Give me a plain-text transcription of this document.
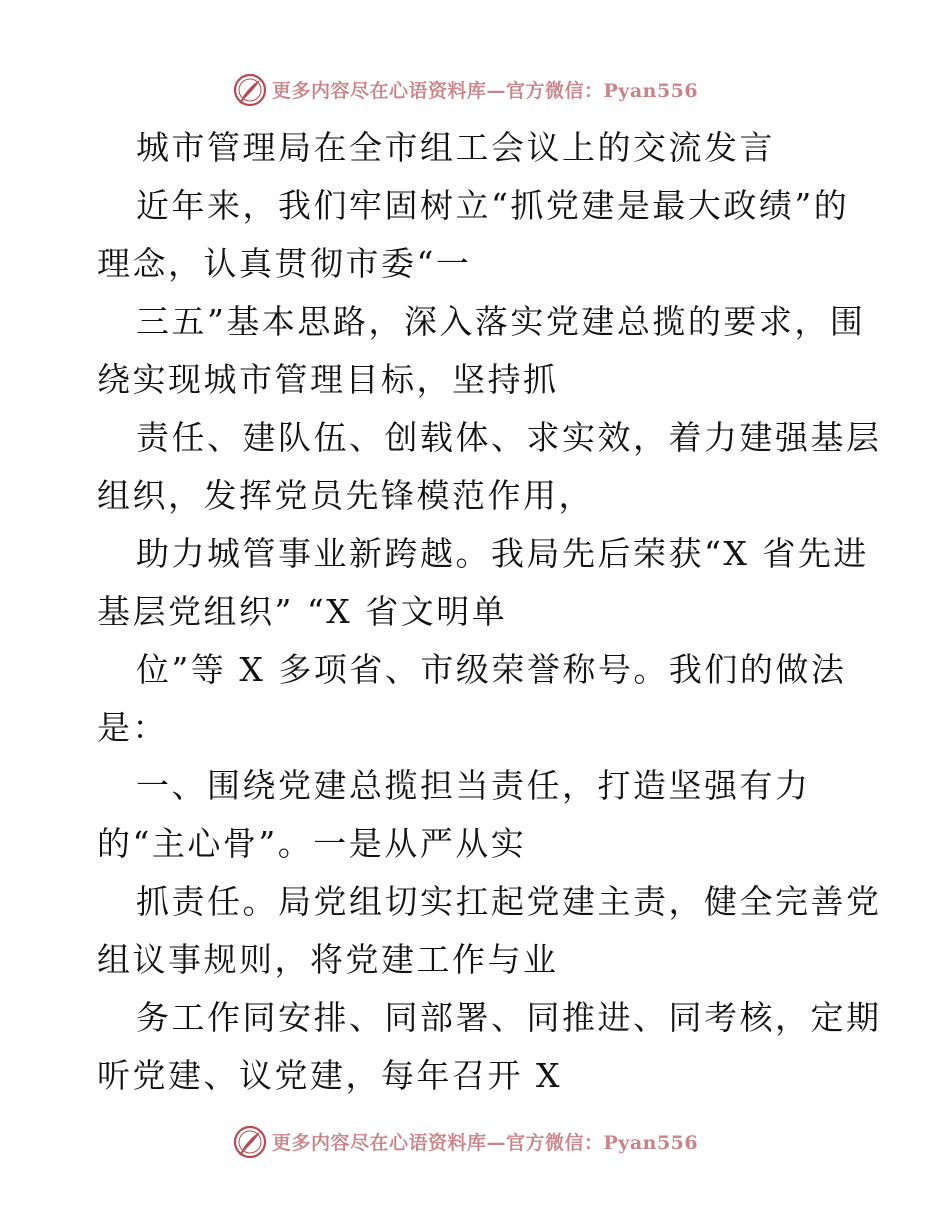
更多内容尽在心语资料库—官方微信：Pyan556
城市管理局在全市组工会议上的交流发言
近年来，我们牢固树立“抓党建是最大政绩”的
理念，认真贯彻市委“一
三五”基本思路，深入落实党建总揽的要求，围
绕实现城市管理目标，坚持抓
责任、建队伍、创载体、求实效，着力建强基层
组织，发挥党员先锋模范作用，
助力城管事业新跨越。我局先后荣获“X 省先进
基层党组织” “X 省文明单
位”等 X 多项省、市级荣誉称号。我们的做法
是：
一、围绕党建总揽担当责任，打造坚强有力
的“主心骨”。一是从严从实
抓责任。局党组切实扛起党建主责，健全完善党
组议事规则，将党建工作与业
务工作同安排、同部署、同推进、同考核，定期
听党建、议党建，每年召开 X
更多内容尽在心语资料库—官方微信：Pyan556
